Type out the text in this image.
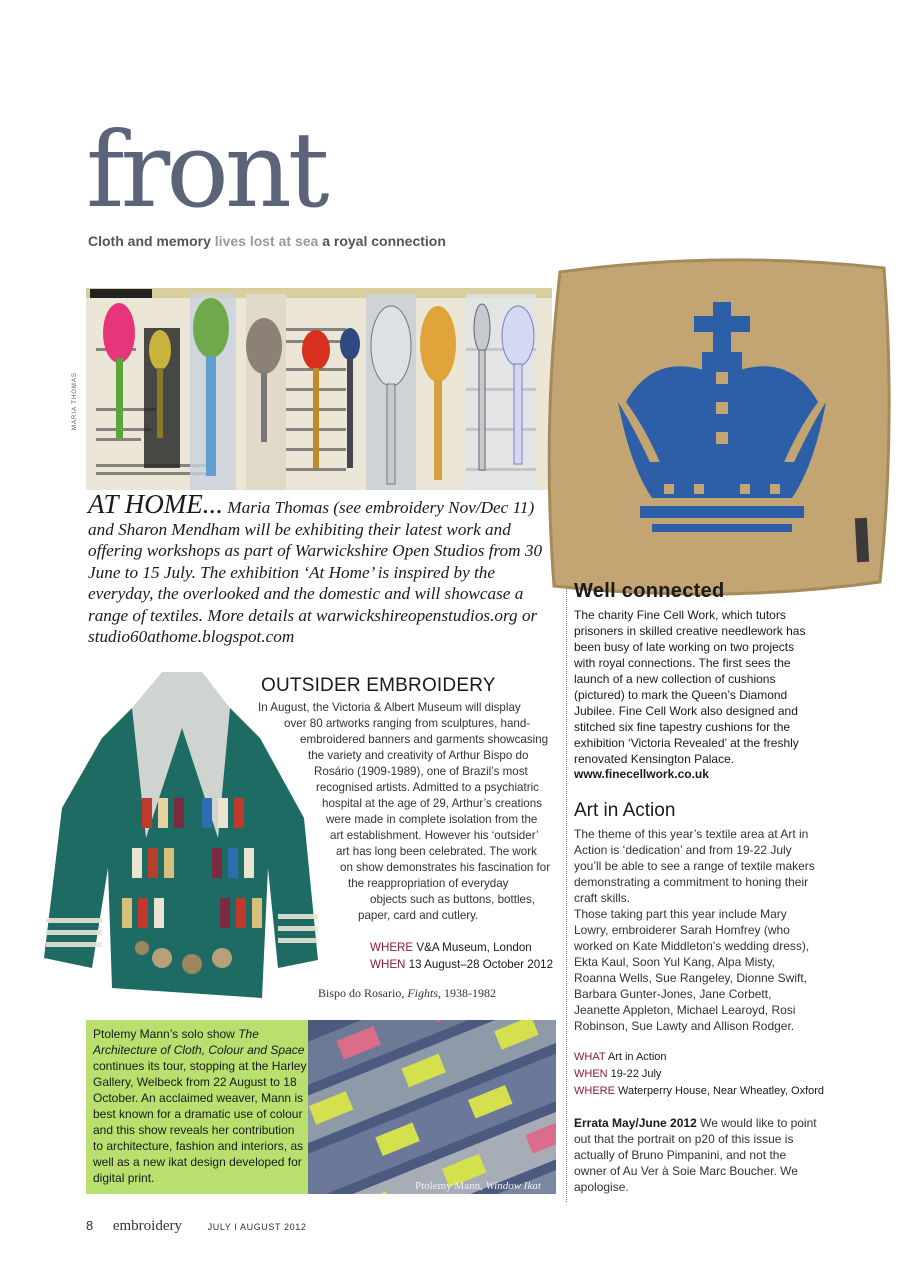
front

Cloth and memory lives lost at sea a royal connection

MARIA THOMAS

AT HOME... Maria Thomas (see embroidery Nov/Dec 11) and Sharon Mendham will be exhibiting their latest work and offering workshops as part of Warwickshire Open Studios from 30 June to 15 July. The exhibition ‘At Home’ is inspired by the everyday, the overlooked and the domestic and will showcase a range of textiles. More details at warwickshireopenstudios.org or studio60athome.blogspot.com

Well connected

The charity Fine Cell Work, which tutors prisoners in skilled creative needlework has been busy of late working on two projects with royal connections. The first sees the launch of a new collection of cushions (pictured) to mark the Queen’s Diamond Jubilee. Fine Cell Work also designed and stitched six fine tapestry cushions for the exhibition ‘Victoria Revealed’ at the freshly renovated Kensington Palace.

www.finecellwork.co.uk

Art in Action

The theme of this year’s textile area at Art in Action is ‘dedication’ and from 19-22 July you’ll be able to see a range of textile makers demonstrating a commitment to honing their craft skills.

Those taking part this year include Mary Lowry, embroiderer Sarah Homfrey (who worked on Kate Middleton’s wedding dress), Ekta Kaul, Soon Yul Kang, Alpa Misty, Roanna Wells, Sue Rangeley, Dionne Swift, Barbara Gunter-Jones, Jane Corbett, Jeanette Appleton, Michael Learoyd, Rosi Robinson, Sue Lawty and Allison Rodger.

WHAT Art in Action
WHEN 19-22 July
WHERE Waterperry House, Near Wheatley, Oxford

Errata May/June 2012 We would like to point out that the portrait on p20 of this issue is actually of Bruno Pimpanini, and not the owner of Au Ver à Soie Marc Boucher. We apologise.

OUTSIDER EMBROIDERY
In August, the Victoria & Albert Museum will display
over 80 artworks ranging from sculptures, hand-
embroidered banners and garments showcasing
the variety and creativity of Arthur Bispo do
Rosário (1909-1989), one of Brazil’s most
recognised artists. Admitted to a psychiatric
hospital at the age of 29, Arthur’s creations
were made in complete isolation from the
art establishment. However his ‘outsider’
art has long been celebrated. The work
on show demonstrates his fascination for
the reappropriation of everyday
objects such as buttons, bottles,
paper, card and cutlery.
WHERE V&A Museum, London
WHEN 13 August–28 October 2012

Bispo do Rosario, Fights, 1938-1982

Ptolemy Mann’s solo show The Architecture of Cloth, Colour and Space continues its tour, stopping at the Harley Gallery, Welbeck from 22 August to 18 October. An acclaimed weaver, Mann is best known for a dramatic use of colour and this show reveals her contribution to architecture, fashion and interiors, as well as a new ikat design developed for digital print.

Ptolemy Mann, Window Ikat

8 embroidery	JULY I AUGUST 2012
